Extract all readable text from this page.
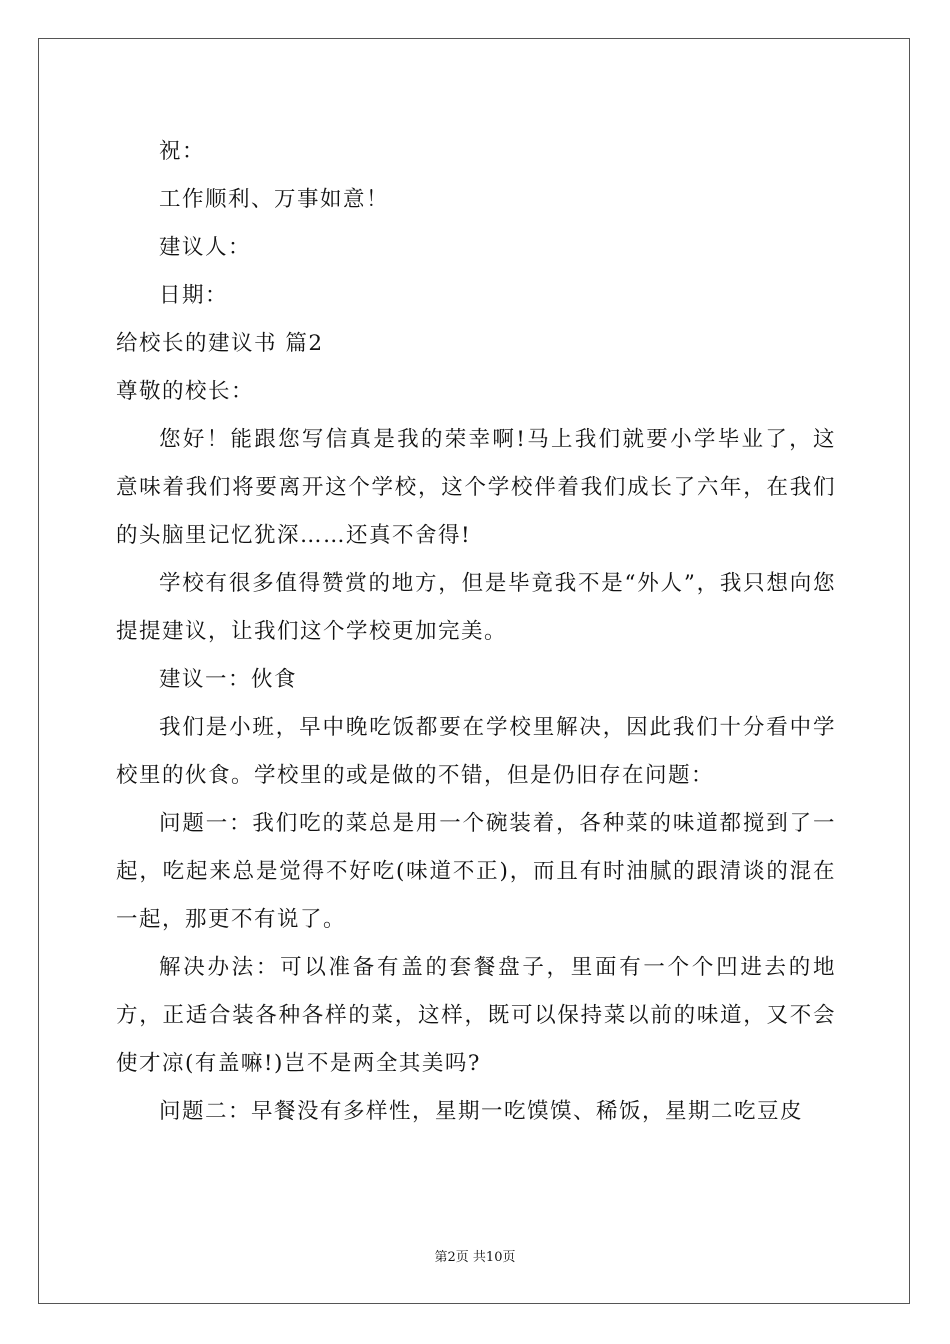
祝：

工作顺利、万事如意！

建议人：

日期：

给校长的建议书 篇2

尊敬的校长：

您好！能跟您写信真是我的荣幸啊!马上我们就要小学毕业了，这意味着我们将要离开这个学校，这个学校伴着我们成长了六年，在我们的头脑里记忆犹深……还真不舍得!

学校有很多值得赞赏的地方，但是毕竟我不是“外人”，我只想向您提提建议，让我们这个学校更加完美。

建议一：伙食

我们是小班，早中晚吃饭都要在学校里解决，因此我们十分看中学校里的伙食。学校里的或是做的不错，但是仍旧存在问题：

问题一：我们吃的菜总是用一个碗装着，各种菜的味道都搅到了一起，吃起来总是觉得不好吃(味道不正)，而且有时油腻的跟清谈的混在一起，那更不有说了。

解决办法：可以准备有盖的套餐盘子，里面有一个个凹进去的地方，正适合装各种各样的菜，这样，既可以保持菜以前的味道，又不会使才凉(有盖嘛!)岂不是两全其美吗?

问题二：早餐没有多样性，星期一吃馍馍、稀饭，星期二吃豆皮

第2页 共10页
